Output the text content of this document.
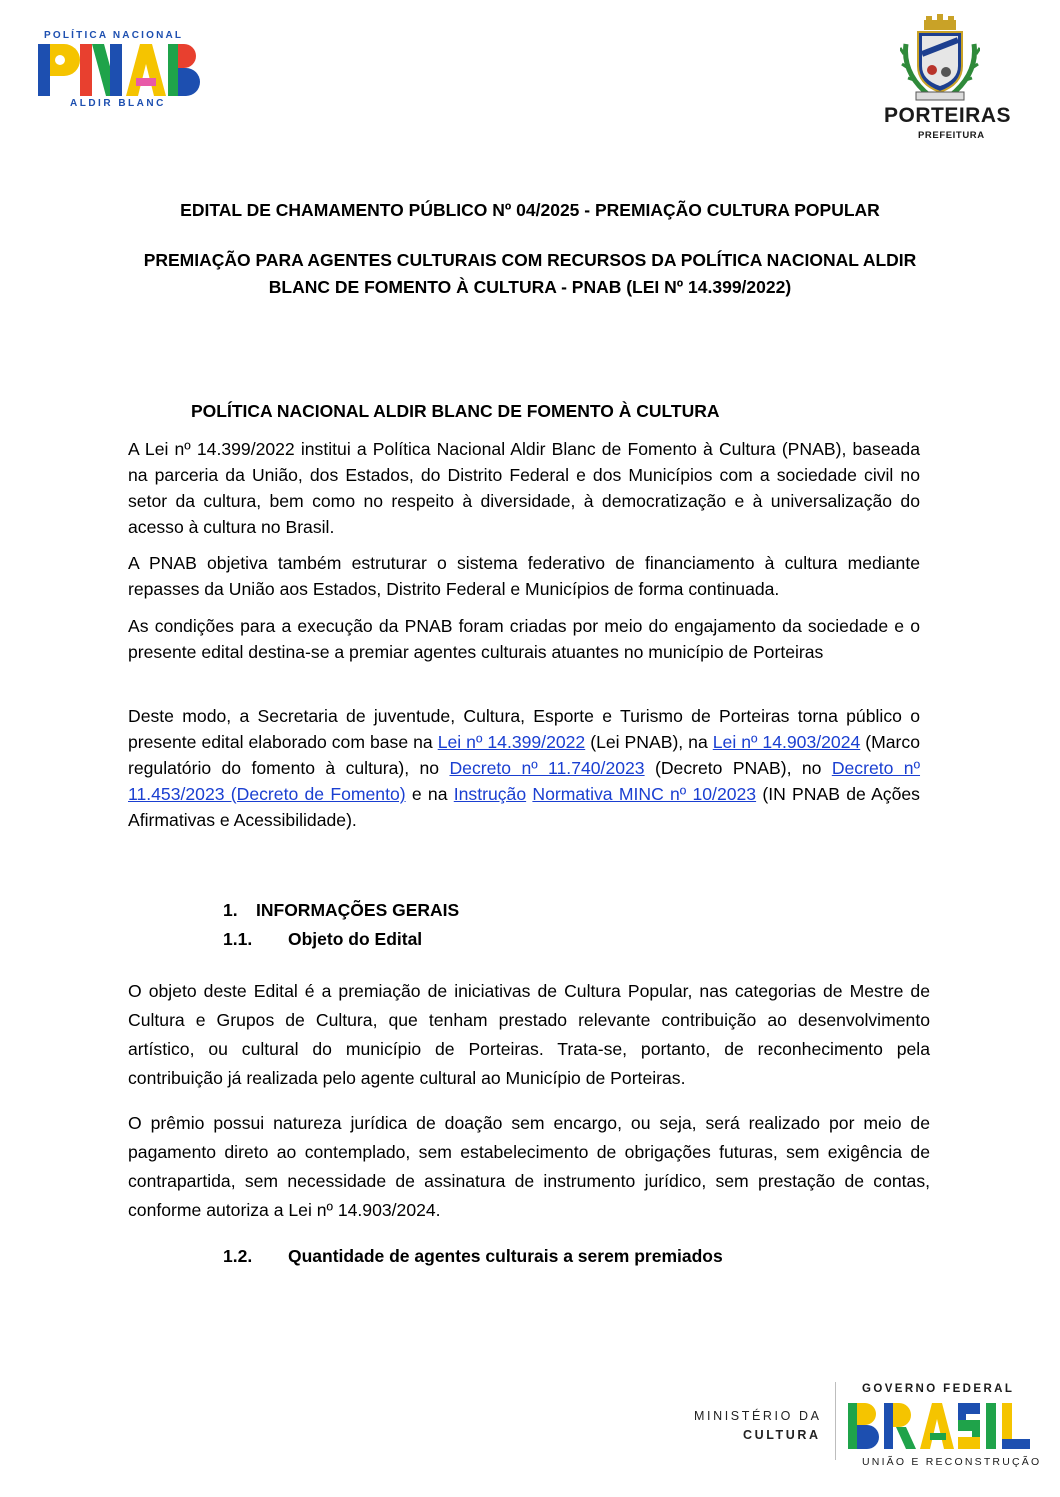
POLÍTICA NACIONAL
ALDIR BLANC
PORTEIRAS
PREFEITURA
EDITAL DE CHAMAMENTO PÚBLICO Nº 04/2025 - PREMIAÇÃO CULTURA POPULAR
PREMIAÇÃO PARA AGENTES CULTURAIS COM RECURSOS DA POLÍTICA NACIONAL ALDIR
BLANC DE FOMENTO À CULTURA - PNAB (LEI Nº 14.399/2022)
POLÍTICA NACIONAL ALDIR BLANC DE FOMENTO À CULTURA
A Lei nº 14.399/2022 institui a Política Nacional Aldir Blanc de Fomento à Cultura (PNAB), baseada na parceria da União, dos Estados, do Distrito Federal e dos Municípios com a sociedade civil no setor da cultura, bem como no respeito à diversidade, à democratização e à universalização do acesso à cultura no Brasil.
A PNAB objetiva também estruturar o sistema federativo de financiamento à cultura mediante repasses da União aos Estados, Distrito Federal e Municípios de forma continuada.
As condições para a execução da PNAB foram criadas por meio do engajamento da sociedade e o presente edital destina-se a premiar agentes culturais atuantes no município de Porteiras
Deste modo, a Secretaria de juventude, Cultura, Esporte e Turismo de Porteiras torna público o presente edital elaborado com base na Lei nº 14.399/2022 (Lei PNAB), na Lei nº 14.903/2024 (Marco regulatório do fomento à cultura), no Decreto nº 11.740/2023 (Decreto PNAB), no Decreto nº 11.453/2023 (Decreto de Fomento) e na Instrução Normativa MINC nº 10/2023 (IN PNAB de Ações Afirmativas e Acessibilidade).
1. INFORMAÇÕES GERAIS
1.1. Objeto do Edital
O objeto deste Edital é a premiação de iniciativas de Cultura Popular, nas categorias de Mestre de Cultura e Grupos de Cultura, que tenham prestado relevante contribuição ao desenvolvimento artístico, ou cultural do município de Porteiras. Trata-se, portanto, de reconhecimento pela contribuição já realizada pelo agente cultural ao Município de Porteiras.
O prêmio possui natureza jurídica de doação sem encargo, ou seja, será realizado por meio de pagamento direto ao contemplado, sem estabelecimento de obrigações futuras, sem exigência de contrapartida, sem necessidade de assinatura de instrumento jurídico, sem prestação de contas, conforme autoriza a Lei nº 14.903/2024.
1.2. Quantidade de agentes culturais a serem premiados
MINISTÉRIO DA
CULTURA
GOVERNO FEDERAL
UNIÃO E RECONSTRUÇÃO
